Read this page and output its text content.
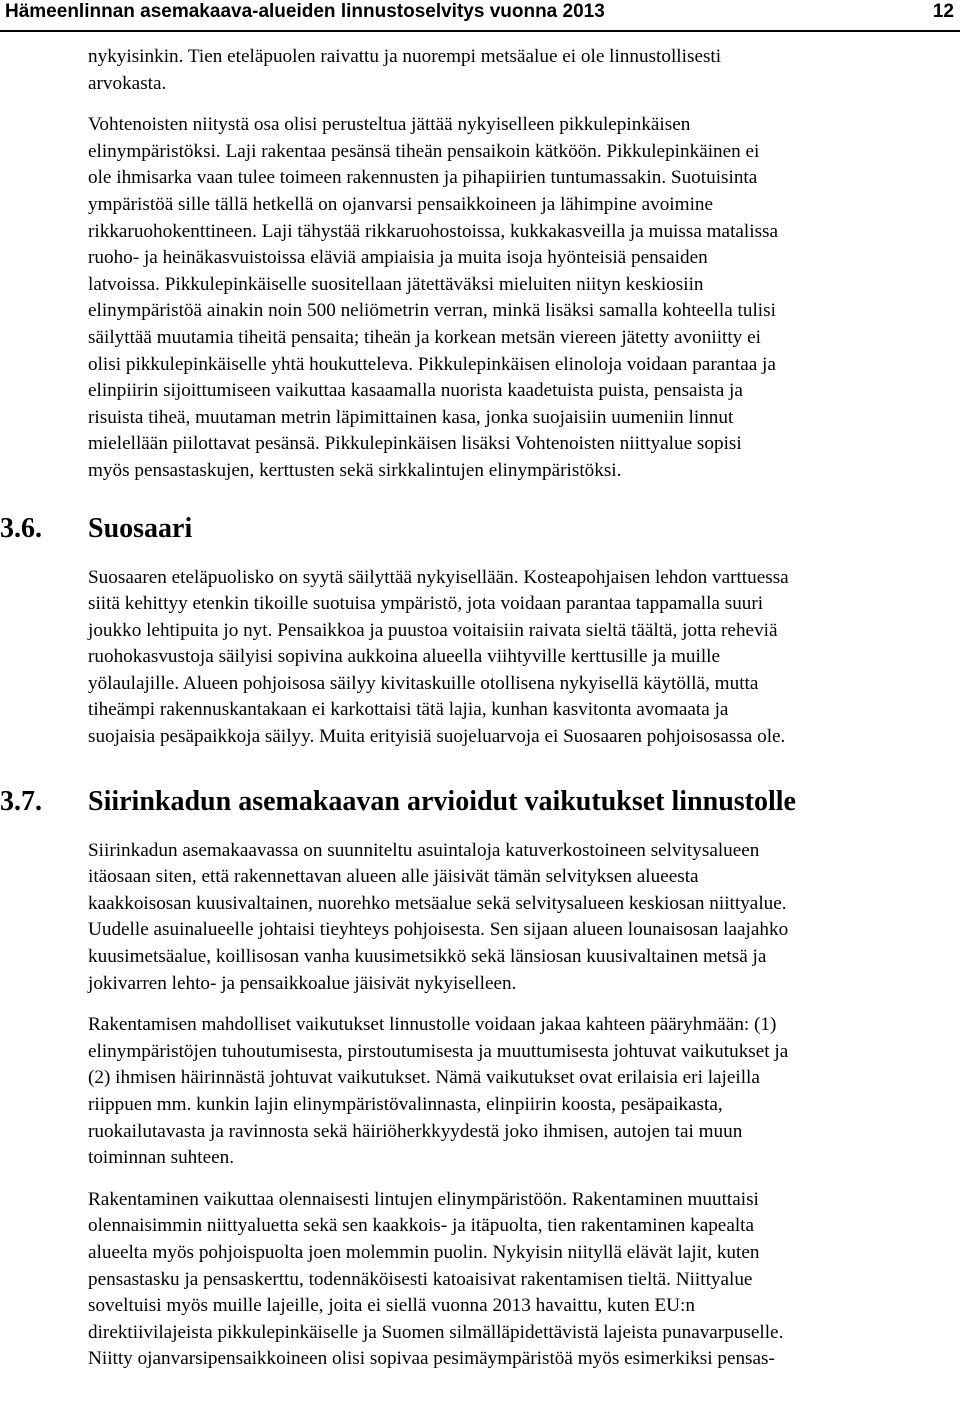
Hämeenlinnan asemakaava-alueiden linnustoselvitys vuonna 2013	12

nykyisinkin. Tien eteläpuolen raivattu ja nuorempi metsäalue ei ole linnustollisesti

arvokasta.

Vohtenoisten niitystä osa olisi perusteltua jättää nykyiselleen pikkulepinkäisen

elinympäristöksi. Laji rakentaa pesänsä tiheän pensaikoin kätköön. Pikkulepinkäinen ei

ole ihmisarka vaan tulee toimeen rakennusten ja pihapiirien tuntumassakin. Suotuisinta

ympäristöä sille tällä hetkellä on ojanvarsi pensaikkoineen ja lähimpine avoimine

rikkaruohokenttineen. Laji tähystää rikkaruohostoissa, kukkakasveilla ja muissa matalissa

ruoho- ja heinäkasvuistoissa eläviä ampiaisia ja muita isoja hyönteisiä pensaiden

latvoissa. Pikkulepinkäiselle suositellaan jätettäväksi mieluiten niityn keskiosiin

elinympäristöä ainakin noin 500 neliömetrin verran, minkä lisäksi samalla kohteella tulisi

säilyttää muutamia tiheitä pensaita; tiheän ja korkean metsän viereen jätetty avoniitty ei

olisi pikkulepinkäiselle yhtä houkutteleva. Pikkulepinkäisen elinoloja voidaan parantaa ja

elinpiirin sijoittumiseen vaikuttaa kasaamalla nuorista kaadetuista puista, pensaista ja

risuista tiheä, muutaman metrin läpimittainen kasa, jonka suojaisiin uumeniin linnut

mielellään piilottavat pesänsä. Pikkulepinkäisen lisäksi Vohtenoisten niittyalue sopisi

myös pensastaskujen, kerttusten sekä sirkkalintujen elinympäristöksi.

3.6. Suosaari

Suosaaren eteläpuolisko on syytä säilyttää nykyisellään. Kosteapohjaisen lehdon varttuessa

siitä kehittyy etenkin tikoille suotuisa ympäristö, jota voidaan parantaa tappamalla suuri

joukko lehtipuita jo nyt. Pensaikkoa ja puustoa voitaisiin raivata sieltä täältä, jotta reheviä

ruohokasvustoja säilyisi sopivina aukkoina alueella viihtyville kerttusille ja muille

yölaulajille. Alueen pohjoisosa säilyy kivitaskuille otollisena nykyisellä käytöllä, mutta

tiheämpi rakennuskantakaan ei karkottaisi tätä lajia, kunhan kasvitonta avomaata ja

suojaisia pesäpaikkoja säilyy. Muita erityisiä suojeluarvoja ei Suosaaren pohjoisosassa ole.

3.7. Siirinkadun asemakaavan arvioidut vaikutukset linnustolle

Siirinkadun asemakaavassa on suunniteltu asuintaloja katuverkostoineen selvitysalueen

itäosaan siten, että rakennettavan alueen alle jäisivät tämän selvityksen alueesta

kaakkoisosan kuusivaltainen, nuorehko metsäalue sekä selvitysalueen keskiosan niittyalue.

Uudelle asuinalueelle johtaisi tieyhteys pohjoisesta. Sen sijaan alueen lounaisosan laajahko

kuusimetsäalue, koillisosan vanha kuusimetsikkö sekä länsiosan kuusivaltainen metsä ja

jokivarren lehto- ja pensaikkoalue jäisivät nykyiselleen.

Rakentamisen mahdolliset vaikutukset linnustolle voidaan jakaa kahteen pääryhmään: (1)

elinympäristöjen tuhoutumisesta, pirstoutumisesta ja muuttumisesta johtuvat vaikutukset ja

(2) ihmisen häirinnästä johtuvat vaikutukset. Nämä vaikutukset ovat erilaisia eri lajeilla

riippuen mm. kunkin lajin elinympäristövalinnasta, elinpiirin koosta, pesäpaikasta,

ruokailutavasta ja ravinnosta sekä häiriöherkkyydestä joko ihmisen, autojen tai muun

toiminnan suhteen.

Rakentaminen vaikuttaa olennaisesti lintujen elinympäristöön. Rakentaminen muuttaisi

olennaisimmin niittyaluetta sekä sen kaakkois- ja itäpuolta, tien rakentaminen kapealta

alueelta myös pohjoispuolta joen molemmin puolin. Nykyisin niityllä elävät lajit, kuten

pensastasku ja pensaskerttu, todennäköisesti katoaisivat rakentamisen tieltä. Niittyalue

soveltuisi myös muille lajeille, joita ei siellä vuonna 2013 havaittu, kuten EU:n

direktiivilajeista pikkulepinkäiselle ja Suomen silmälläpidettävistä lajeista punavarpuselle.

Niitty ojanvarsipensaikkoineen olisi sopivaa pesimäympäristöä myös esimerkiksi pensas-
